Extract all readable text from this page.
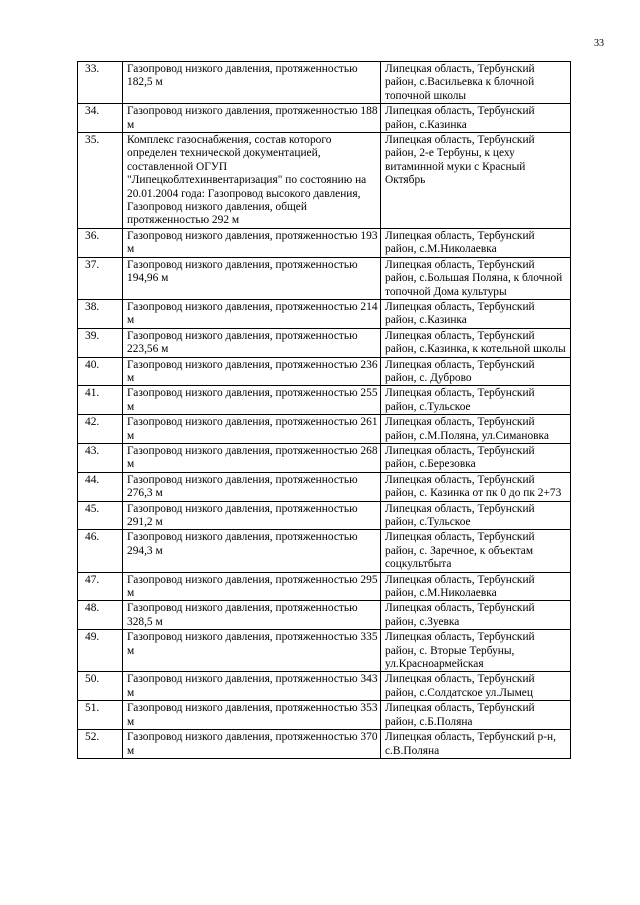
33
33.	Газопровод низкого давления, протяженностью 182,5 м	Липецкая область, Тербунский район, с.Васильевка к блочной топочной школы
34.	Газопровод низкого давления, протяженностью 188 м	Липецкая область, Тербунский район, с.Казинка
35.	Комплекс газоснабжения, состав которого определен технической документацией, составленной ОГУП "Липецкоблтехинвентаризация" по состоянию на 20.01.2004 года: Газопровод высокого давления, Газопровод низкого давления, общей протяженностью 292 м	Липецкая область, Тербунский район, 2-е Тербуны, к цеху витаминной муки с Красный Октябрь
36.	Газопровод низкого давления, протяженностью 193 м	Липецкая область, Тербунский район, с.М.Николаевка
37.	Газопровод низкого давления, протяженностью 194,96 м	Липецкая область, Тербунский район, с.Большая Поляна, к блочной топочной Дома культуры
38.	Газопровод низкого давления, протяженностью 214 м	Липецкая область, Тербунский район, с.Казинка
39.	Газопровод низкого давления, протяженностью 223,56 м	Липецкая область, Тербунский район, с.Казинка, к котельной школы
40.	Газопровод низкого давления, протяженностью 236 м	Липецкая область, Тербунский район, с. Дуброво
41.	Газопровод низкого давления, протяженностью 255 м	Липецкая область, Тербунский район, с.Тульское
42.	Газопровод низкого давления, протяженностью 261 м	Липецкая область, Тербунский район, с.М.Поляна, ул.Симановка
43.	Газопровод низкого давления, протяженностью 268 м	Липецкая область, Тербунский район, с.Березовка
44.	Газопровод низкого давления, протяженностью 276,3 м	Липецкая область, Тербунский район, с. Казинка от пк 0 до пк 2+73
45.	Газопровод низкого давления, протяженностью 291,2 м	Липецкая область, Тербунский район, с.Тульское
46.	Газопровод низкого давления, протяженностью 294,3 м	Липецкая область, Тербунский район, с. Заречное, к объектам соцкультбыта
47.	Газопровод низкого давления, протяженностью 295 м	Липецкая область, Тербунский район, с.М.Николаевка
48.	Газопровод низкого давления, протяженностью 328,5 м	Липецкая область, Тербунский район, с.Зуевка
49.	Газопровод низкого давления, протяженностью 335 м	Липецкая область, Тербунский район, с. Вторые Тербуны, ул.Красноармейская
50.	Газопровод низкого давления, протяженностью 343 м	Липецкая область, Тербунский район, с.Солдатское ул.Лымец
51.	Газопровод низкого давления, протяженностью 353 м	Липецкая область, Тербунский район, с.Б.Поляна
52.	Газопровод низкого давления, протяженностью 370 м	Липецкая область, Тербунский р-н, с.В.Поляна
